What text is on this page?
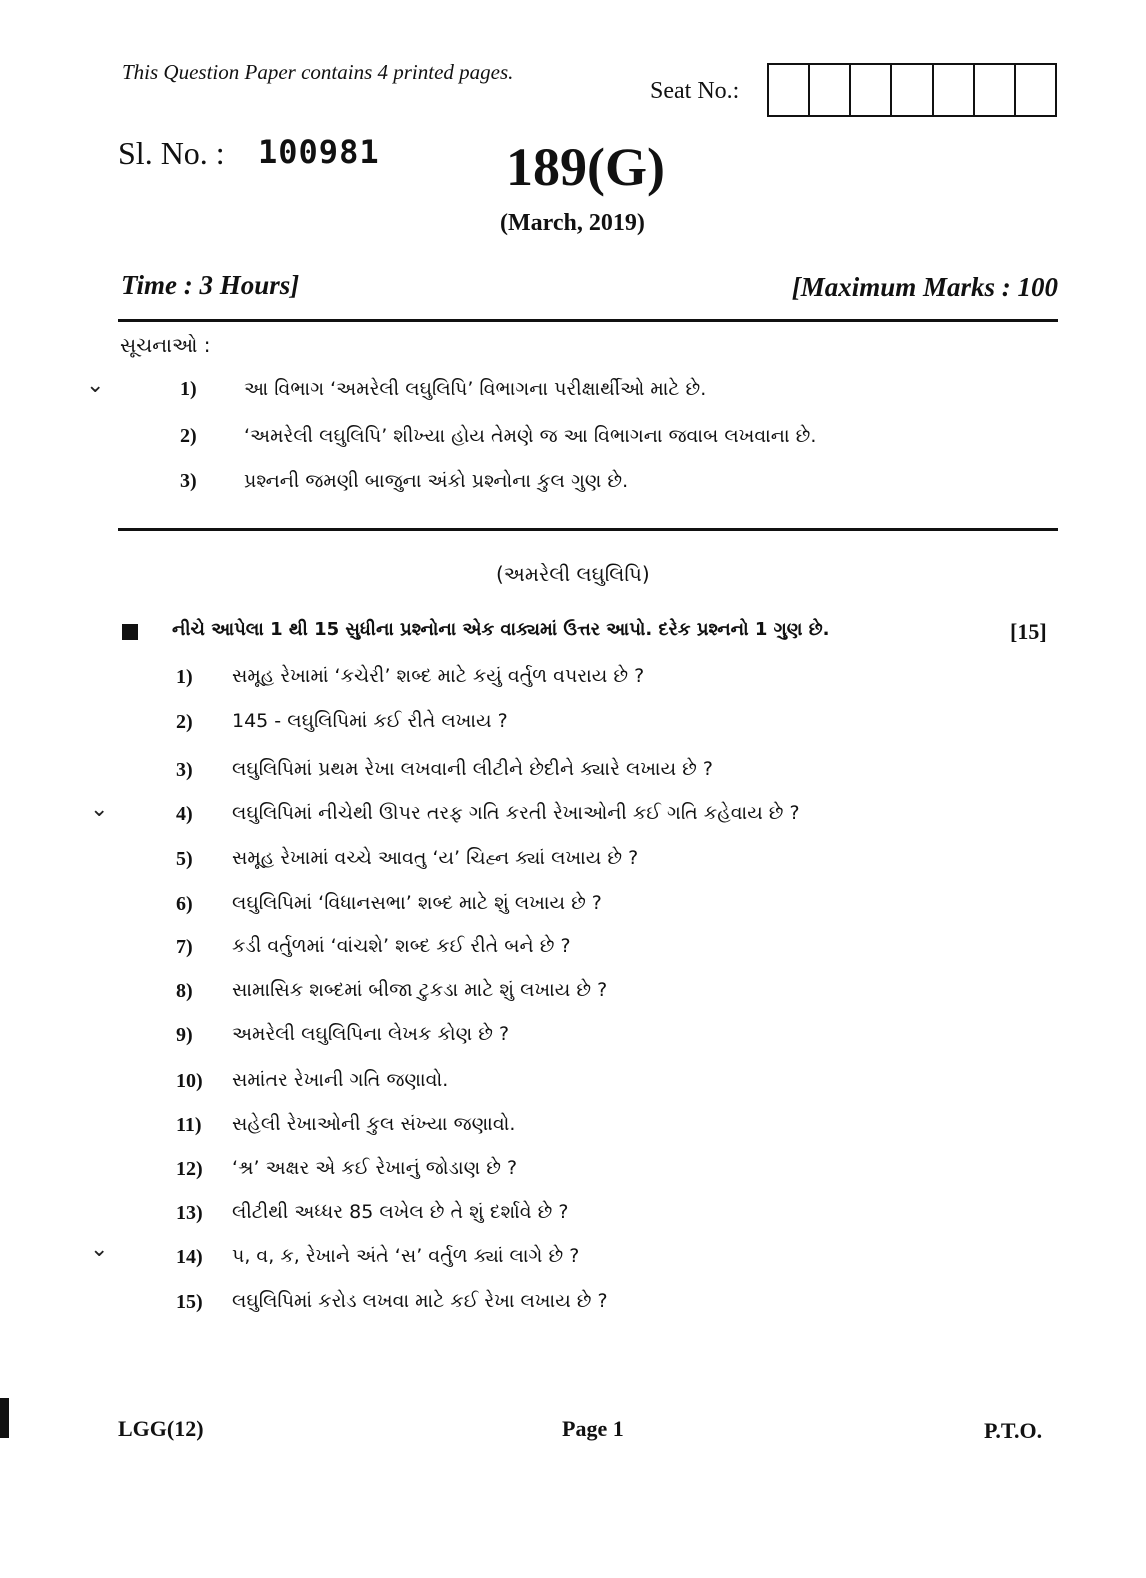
This Question Paper contains 4 printed pages.
Seat No.:
Sl. No. : 100981 189(G)
(March, 2019)
Time : 3 Hours]	[Maximum Marks : 100
સૂચનાઓ :
1) આ વિભાગ ‘અમરેલી લઘુલિપિ’ વિભાગના પરીક્ષાર્થીઓ માટે છે.
2) ‘અમરેલી લઘુલિપિ’ શીખ્યા હોય તેમણે જ આ વિભાગના જવાબ લખવાના છે.
3) પ્રશ્નની જમણી બાજુના અંકો પ્રશ્નોના કુલ ગુણ છે.
(અમરેલી લઘુલિપિ)
નીચે આપેલા 1 થી 15 સુધીના પ્રશ્નોના એક વાક્યમાં ઉત્તર આપો. દરેક પ્રશ્નનો 1 ગુણ છે.	[15]
1) સમૂહ રેખામાં ‘કચેરી’ શબ્દ માટે કયું વર્તુળ વપરાય છે ?
2) 145 - લઘુલિપિમાં કઈ રીતે લખાય ?
3) લઘુલિપિમાં પ્રથમ રેખા લખવાની લીટીને છેદીને ક્યારે લખાય છે ?
4) લઘુલિપિમાં નીચેથી ઊપર તરફ ગતિ કરતી રેખાઓની કઈ ગતિ કહેવાય છે ?
5) સમૂહ રેખામાં વચ્ચે આવતુ ‘ય’ ચિહ્ન ક્યાં લખાય છે ?
6) લઘુલિપિમાં ‘વિધાનસભા’ શબ્દ માટે શું લખાય છે ?
7) કડી વર્તુળમાં ‘વાંચશે’ શબ્દ કઈ રીતે બને છે ?
8) સામાસિક શબ્દમાં બીજા ટુકડા માટે શું લખાય છે ?
9) અમરેલી લઘુલિપિના લેખક કોણ છે ?
10) સમાંતર રેખાની ગતિ જણાવો.
11) સહેલી રેખાઓની કુલ સંખ્યા જણાવો.
12) ‘શ્ર’ અક્ષર એ કઈ રેખાનું જોડાણ છે ?
13) લીટીથી અધ્ધર 85 લખેલ છે તે શું દર્શાવે છે ?
14) પ, વ, ક, રેખાને અંતે ‘સ’ વર્તુળ ક્યાં લાગે છે ?
15) લઘુલિપિમાં કરોડ લખવા માટે કઈ રેખા લખાય છે ?
LGG(12)	Page 1	P.T.O.
⌄
⌄
⌄
